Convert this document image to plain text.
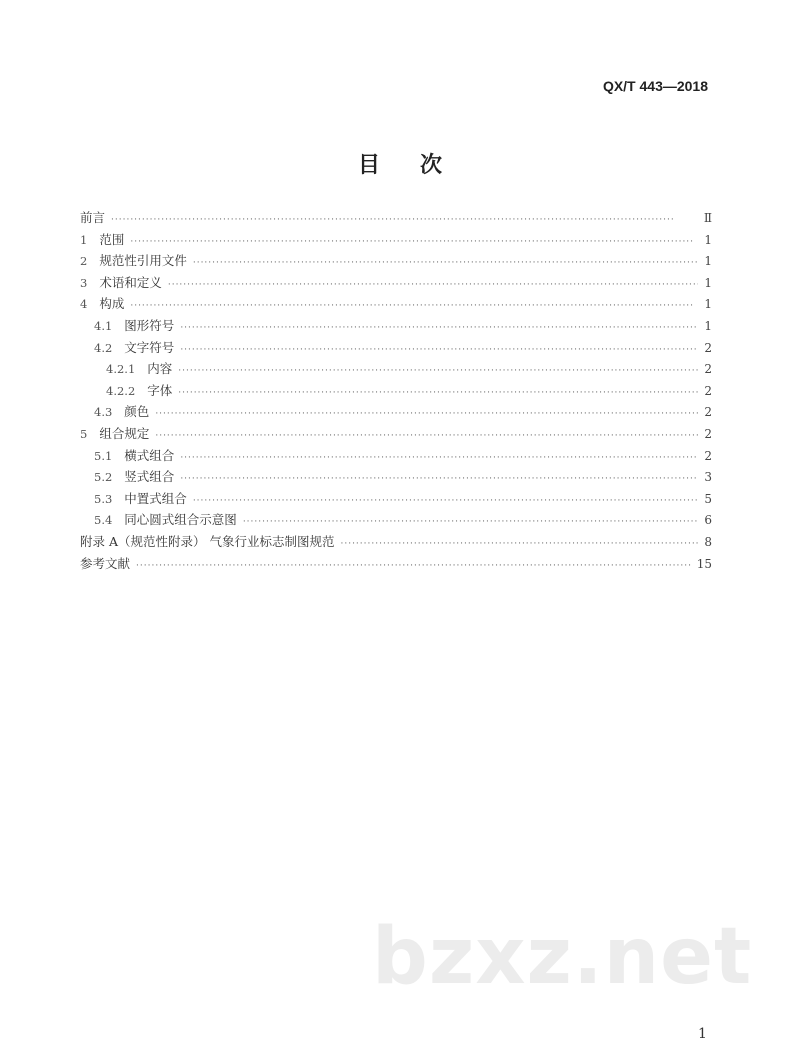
QX/T 443—2018
目次
前言 ·····	Ⅱ
1 范围 ·····	1
2 规范性引用文件 ·····	1
3 术语和定义 ·····	1
4 构成 ·····	1
4.1 图形符号 ·····	1
4.2 文字符号 ·····	2
4.2.1 内容 ·····	2
4.2.2 字体 ·····	2
4.3 颜色 ·····	2
5 组合规定 ·····	2
5.1 横式组合 ·····	2
5.2 竖式组合 ·····	3
5.3 中置式组合 ·····	5
5.4 同心圆式组合示意图 ·····	6
附录 A（规范性附录） 气象行业标志制图规范 ·····	8
参考文献 ·····	15
bzxz.net
1
